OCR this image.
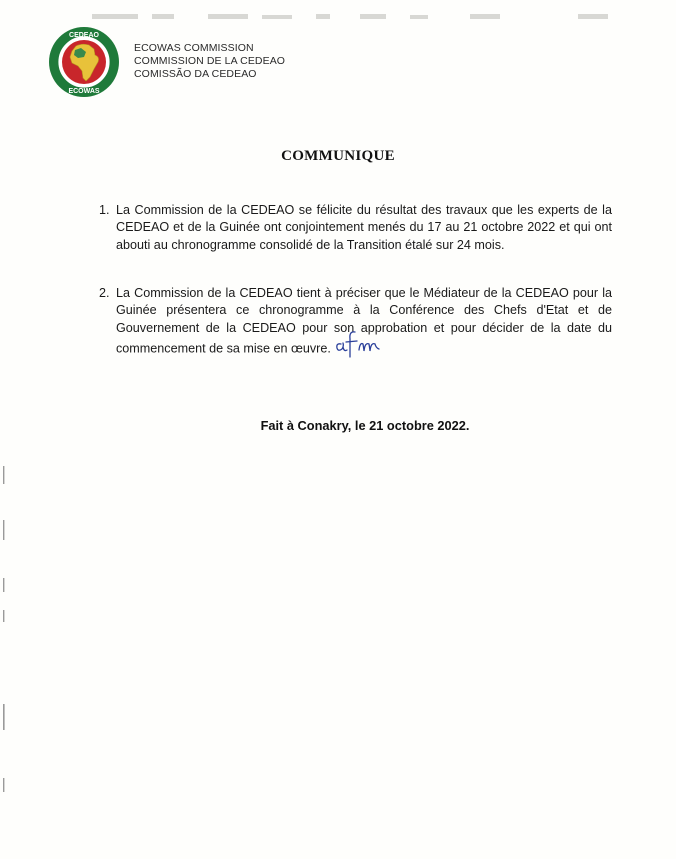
CEDEAO
ECOWAS
ECOWAS COMMISSION
COMMISSION DE LA CEDEAO
COMISSÃO DA CEDEAO
COMMUNIQUE
1. La Commission de la CEDEAO se félicite du résultat des travaux que les experts de la CEDEAO et de la Guinée ont conjointement menés du 17 au 21 octobre 2022 et qui ont abouti au chronogramme consolidé de la Transition étalé sur 24 mois.
2. La Commission de la CEDEAO tient à préciser que le Médiateur de la CEDEAO pour la Guinée présentera ce chronogramme à la Conférence des Chefs d'Etat et de Gouvernement de la CEDEAO pour son approbation et pour décider de la date du commencement de sa mise en œuvre.
Fait à Conakry, le 21 octobre 2022.
